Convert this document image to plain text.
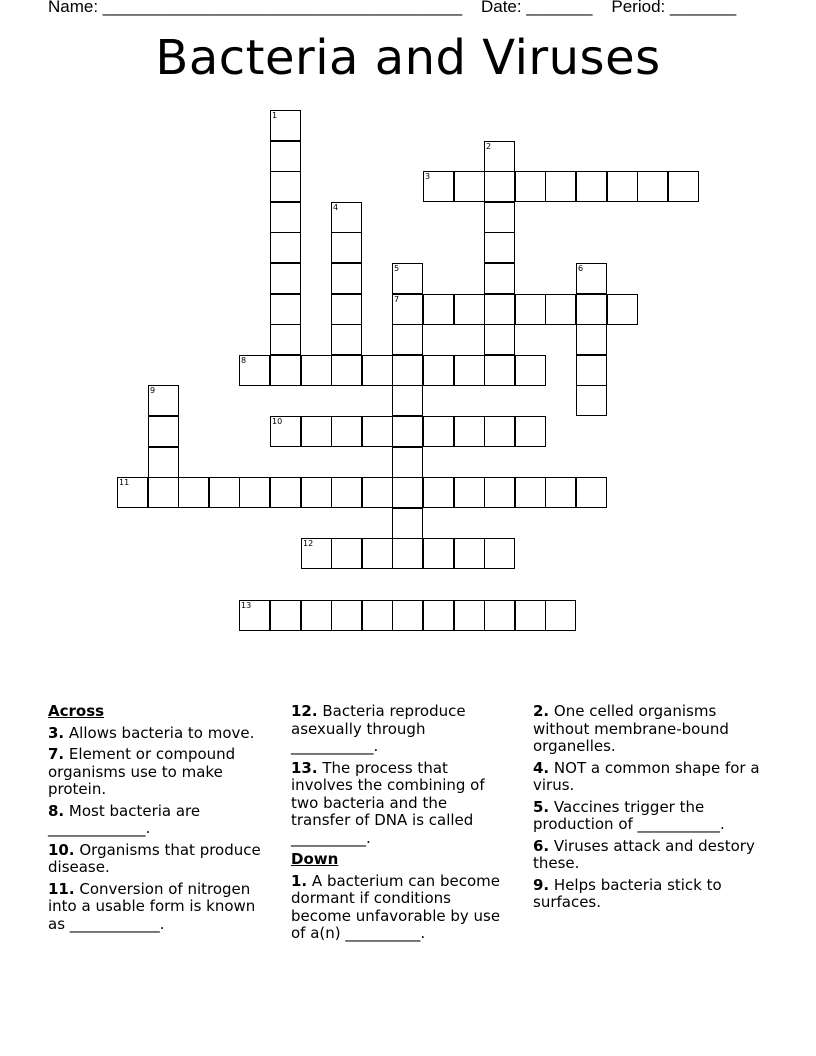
Name: ______________________________________    Date: _______    Period: _______
Bacteria and Viruses
1
2
3
4
5
7
6
8
9
10
11
12
13
Across
3. Allows bacteria to move.
7. Element or compound organisms use to make protein.
8. Most bacteria are _____________.
10. Organisms that produce disease.
11. Conversion of nitrogen into a usable form is known as ____________.
12. Bacteria reproduce asexually through ___________.
13. The process that involves the combining of two bacteria and the transfer of DNA is called __________.
Down
1. A bacterium can become dormant if conditions become unfavorable by use of a(n) __________.
2. One celled organisms without membrane-bound organelles.
4. NOT a common shape for a virus.
5. Vaccines trigger the production of ___________.
6. Viruses attack and destory these.
9. Helps bacteria stick to surfaces.
